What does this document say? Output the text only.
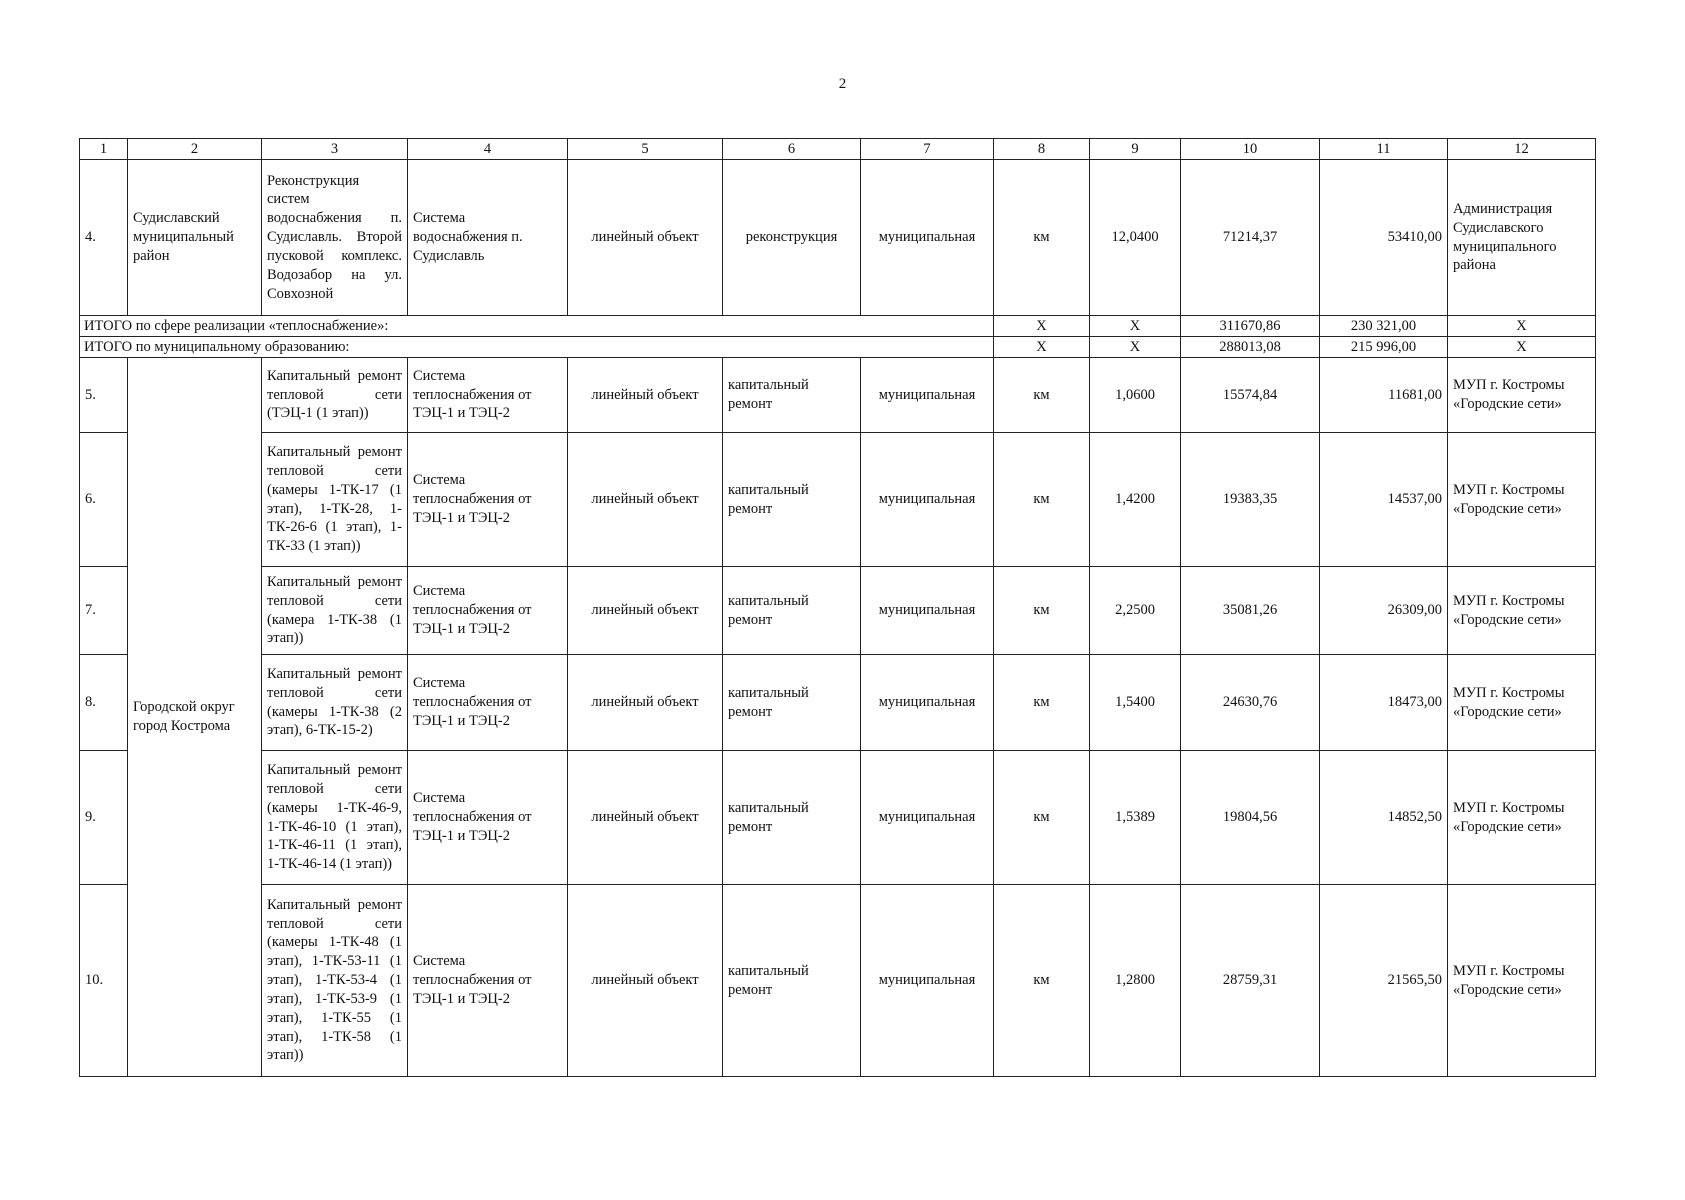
2
1	2	3	4	5	6	7	8	9	10	11	12
4.	Судиславский муниципальный район	Реконструкция систем водоснабжения п. Судиславль. Второй пусковой комплекс. Водозабор на ул. Совхозной	Система водоснабжения п. Судиславль	линейный объект	реконструкция	муниципальная	км	12,0400	71214,37	53410,00	Администрация Судиславского муниципального района
ИТОГО по сфере реализации «теплоснабжение»:							X	X	311670,86	230 321,00	X
ИТОГО по муниципальному образованию:							X	X	288013,08	215 996,00	X
5.	Городской округ город Кострома	Капитальный ремонт тепловой сети (ТЭЦ-1 (1 этап))	Система теплоснабжения от ТЭЦ-1 и ТЭЦ-2	линейный объект	капитальный ремонт	муниципальная	км	1,0600	15574,84	11681,00	МУП г. Костромы «Городские сети»
6.		Капитальный ремонт тепловой сети (камеры 1-ТК-17 (1 этап), 1-ТК-28, 1-ТК-26-6 (1 этап), 1-ТК-33 (1 этап))	Система теплоснабжения от ТЭЦ-1 и ТЭЦ-2	линейный объект	капитальный ремонт	муниципальная	км	1,4200	19383,35	14537,00	МУП г. Костромы «Городские сети»
7.		Капитальный ремонт тепловой сети (камера 1-ТК-38 (1 этап))	Система теплоснабжения от ТЭЦ-1 и ТЭЦ-2	линейный объект	капитальный ремонт	муниципальная	км	2,2500	35081,26	26309,00	МУП г. Костромы «Городские сети»
8.		Капитальный ремонт тепловой сети (камеры 1-ТК-38 (2 этап), 6-ТК-15-2)	Система теплоснабжения от ТЭЦ-1 и ТЭЦ-2	линейный объект	капитальный ремонт	муниципальная	км	1,5400	24630,76	18473,00	МУП г. Костромы «Городские сети»
9.		Капитальный ремонт тепловой сети (камеры 1-ТК-46-9, 1-ТК-46-10 (1 этап), 1-ТК-46-11 (1 этап), 1-ТК-46-14 (1 этап))	Система теплоснабжения от ТЭЦ-1 и ТЭЦ-2	линейный объект	капитальный ремонт	муниципальная	км	1,5389	19804,56	14852,50	МУП г. Костромы «Городские сети»
10.		Капитальный ремонт тепловой сети (камеры 1-ТК-48 (1 этап), 1-ТК-53-11 (1 этап), 1-ТК-53-4 (1 этап), 1-ТК-53-9 (1 этап), 1-ТК-55 (1 этап), 1-ТК-58 (1 этап))	Система теплоснабжения от ТЭЦ-1 и ТЭЦ-2	линейный объект	капитальный ремонт	муниципальная	км	1,2800	28759,31	21565,50	МУП г. Костромы «Городские сети»
